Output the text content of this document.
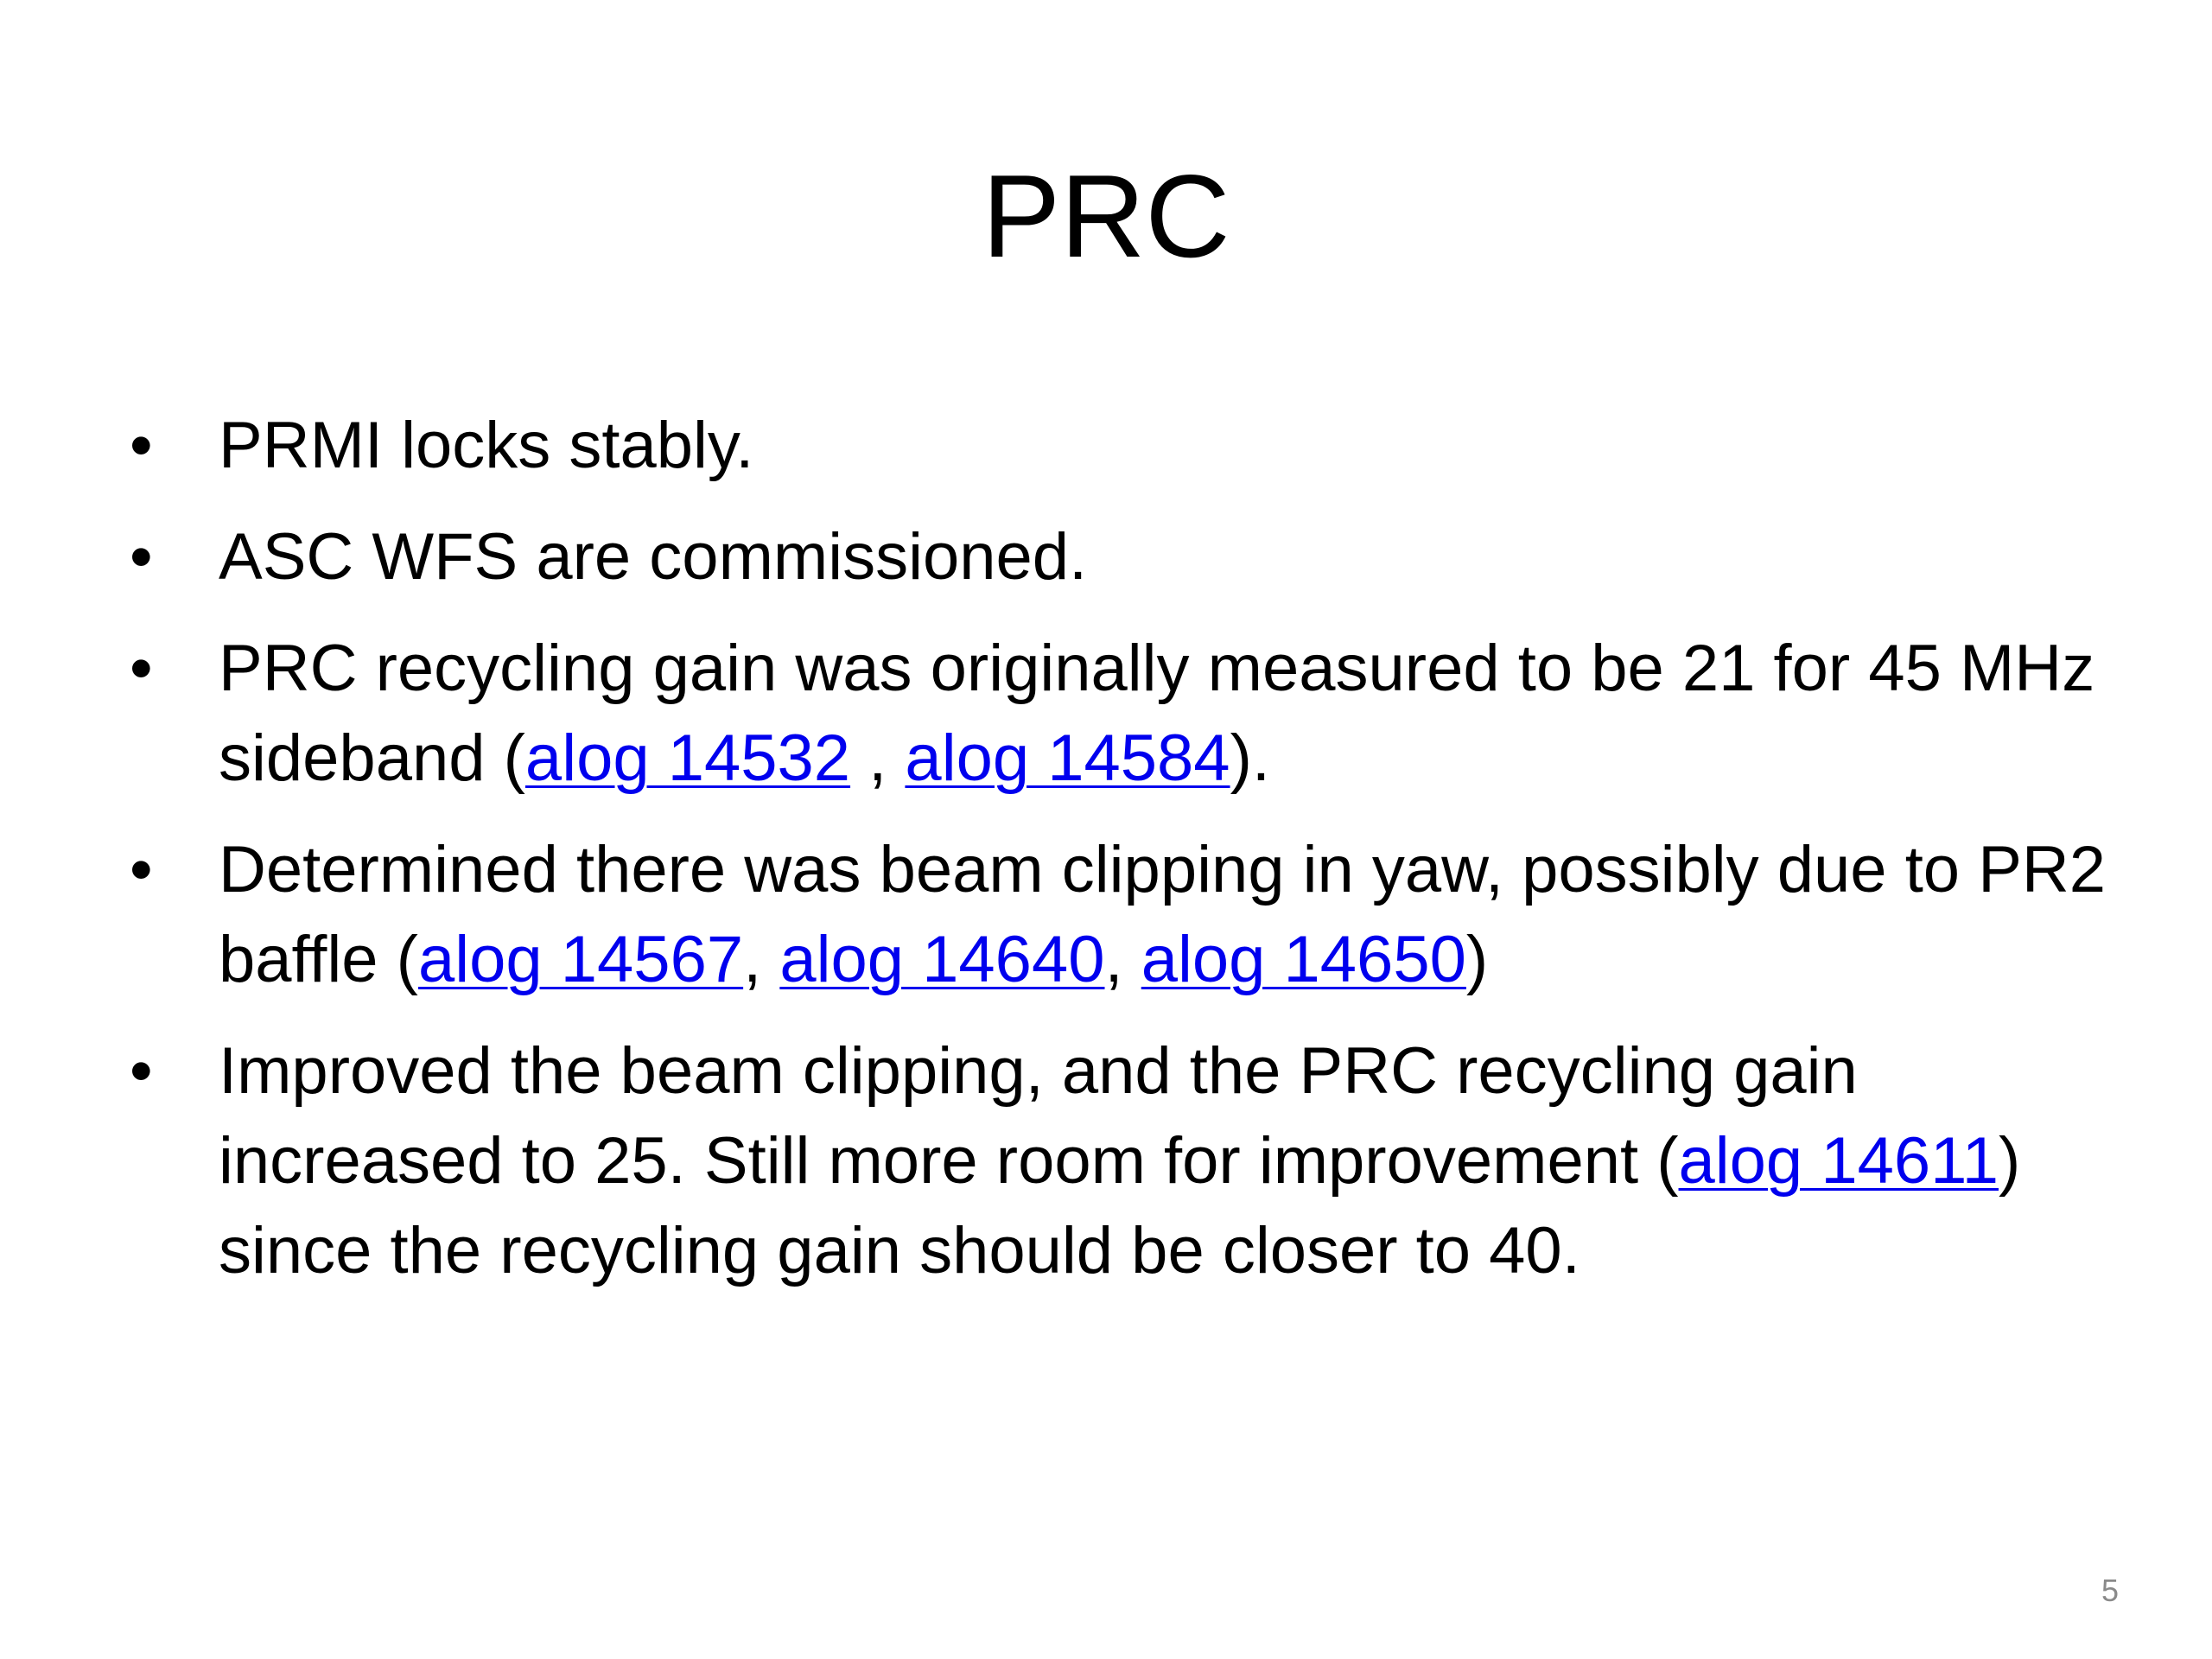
PRC
• PRMI locks stably.
• ASC WFS are commissioned.
• PRC recycling gain was originally measured to be 21 for 45 MHz sideband (alog 14532 , alog 14584).
• Determined there was beam clipping in yaw, possibly due to PR2 baffle (alog 14567, alog 14640, alog 14650)
• Improved the beam clipping, and the PRC recycling gain increased to 25. Still more room for improvement (alog 14611) since the recycling gain should be closer to 40.
5
